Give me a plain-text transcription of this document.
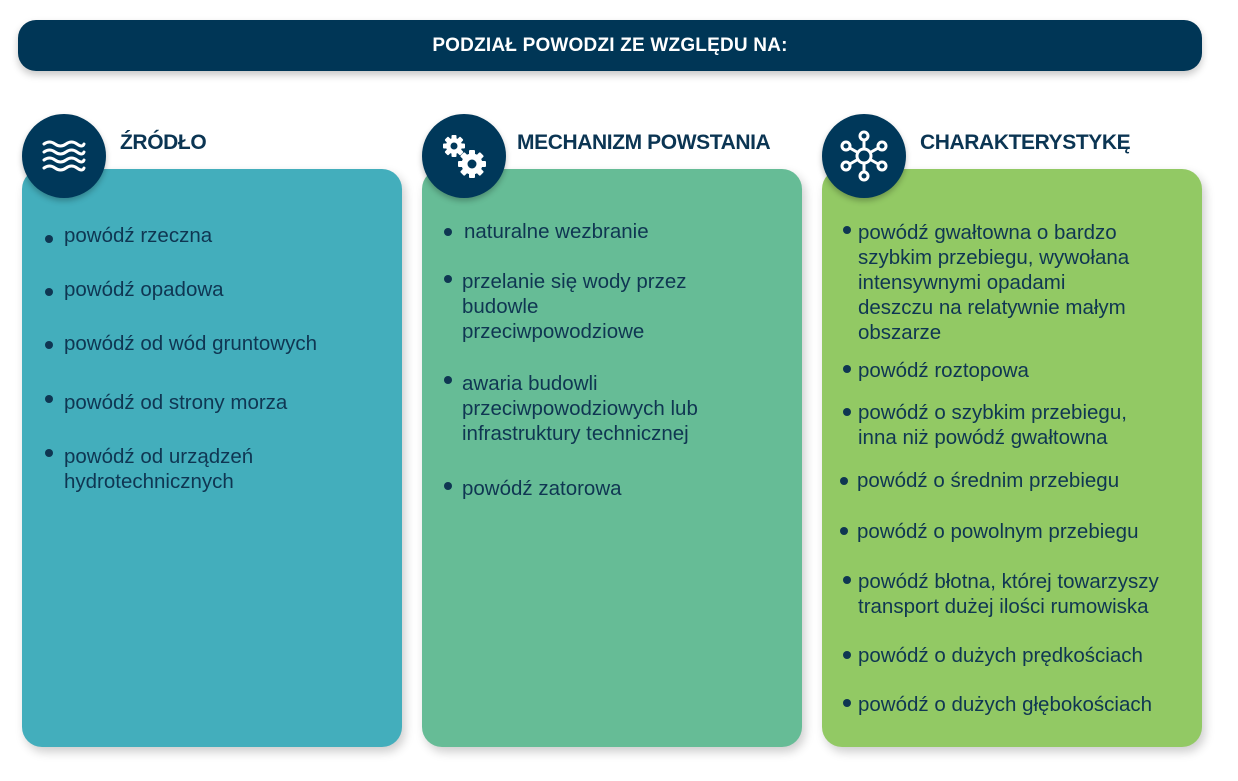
PODZIAŁ POWODZI ZE WZGLĘDU NA:
powódź rzeczna
powódź opadowa
powódź od wód gruntowych
powódź od strony morza
powódź od urządzeń
hydrotechnicznych
naturalne wezbranie
przelanie się wody przez
budowle
przeciwpowodziowe
awaria budowli
przeciwpowodziowych lub
infrastruktury technicznej
powódź zatorowa
powódź gwałtowna o bardzo
szybkim przebiegu, wywołana
intensywnymi opadami
deszczu na relatywnie małym
obszarze
powódź roztopowa
powódź o szybkim przebiegu,
inna niż powódź gwałtowna
powódź o średnim przebiegu
powódź o powolnym przebiegu
powódź błotna, której towarzyszy
transport dużej ilości rumowiska
powódź o dużych prędkościach
powódź o dużych głębokościach
ŹRÓDŁO	MECHANIZM POWSTANIA	CHARAKTERYSTYKĘ
